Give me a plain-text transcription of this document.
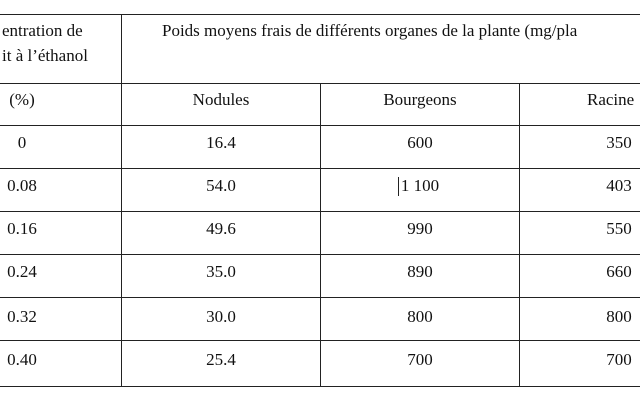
entration de
it à l’éthanol
Poids moyens frais de différents organes de la plante (mg/pla
(%)	Nodules	Bourgeons	Racine
0	16.4	600	350
0.08	54.0	1 100	403
0.16	49.6	990	550
0.24	35.0	890	660
0.32	30.0	800	800
0.40	25.4	700	700
